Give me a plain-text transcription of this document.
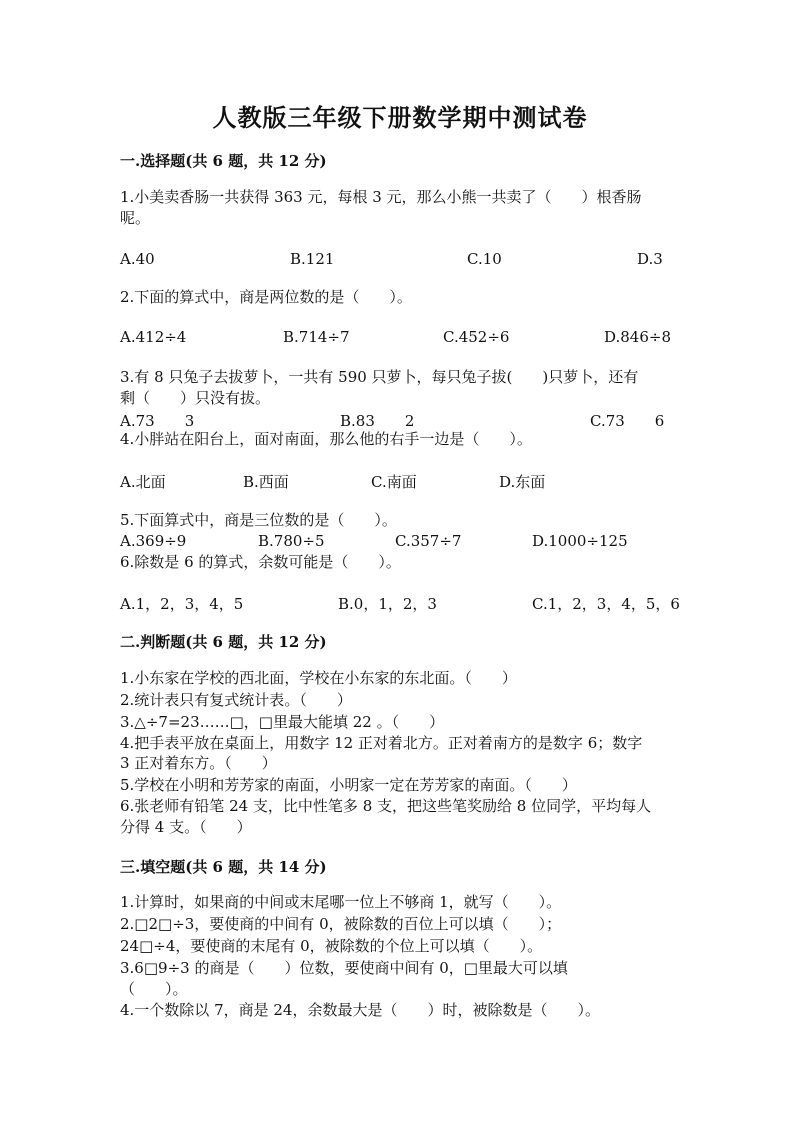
人教版三年级下册数学期中测试卷
一.选择题(共 6 题，共 12 分)
1.小美卖香肠一共获得 363 元，每根 3 元，那么小熊一共卖了（　　）根香肠
呢。
A.40	B.121	C.10	D.3
2.下面的算式中，商是两位数的是（　　）。
A.412÷4	B.714÷7	C.452÷6	D.846÷8
3.有 8 只兔子去拔萝卜，一共有 590 只萝卜，每只兔子拔(　　)只萝卜，还有
剩（　　）只没有拔。
A.73　　3	B.83　　2	C.73　　6
4.小胖站在阳台上，面对南面，那么他的右手一边是（　　）。
A.北面	B.西面	C.南面	D.东面
5.下面算式中，商是三位数的是（　　）。
A.369÷9	B.780÷5	C.357÷7	D.1000÷125
6.除数是 6 的算式，余数可能是（　　）。
A.1，2，3，4，5	B.0，1，2，3	C.1，2，3，4，5，6
二.判断题(共 6 题，共 12 分)
1.小东家在学校的西北面，学校在小东家的东北面。（　　）
2.统计表只有复式统计表。（　　）
3.△÷7=23……□，□里最大能填 22 。（　　）
4.把手表平放在桌面上，用数字 12 正对着北方。正对着南方的是数字 6；数字
3 正对着东方。（　　）
5.学校在小明和芳芳家的南面，小明家一定在芳芳家的南面。（　　）
6.张老师有铅笔 24 支，比中性笔多 8 支，把这些笔奖励给 8 位同学，平均每人
分得 4 支。（　　）
三.填空题(共 6 题，共 14 分)
1.计算时，如果商的中间或末尾哪一位上不够商 1，就写（　　）。
2.□2□÷3，要使商的中间有 0，被除数的百位上可以填（　　）；
24□÷4，要使商的末尾有 0，被除数的个位上可以填（　　）。
3.6□9÷3 的商是（　　）位数，要使商中间有 0，□里最大可以填
（　　）。
4.一个数除以 7，商是 24，余数最大是（　　）时，被除数是（　　）。
